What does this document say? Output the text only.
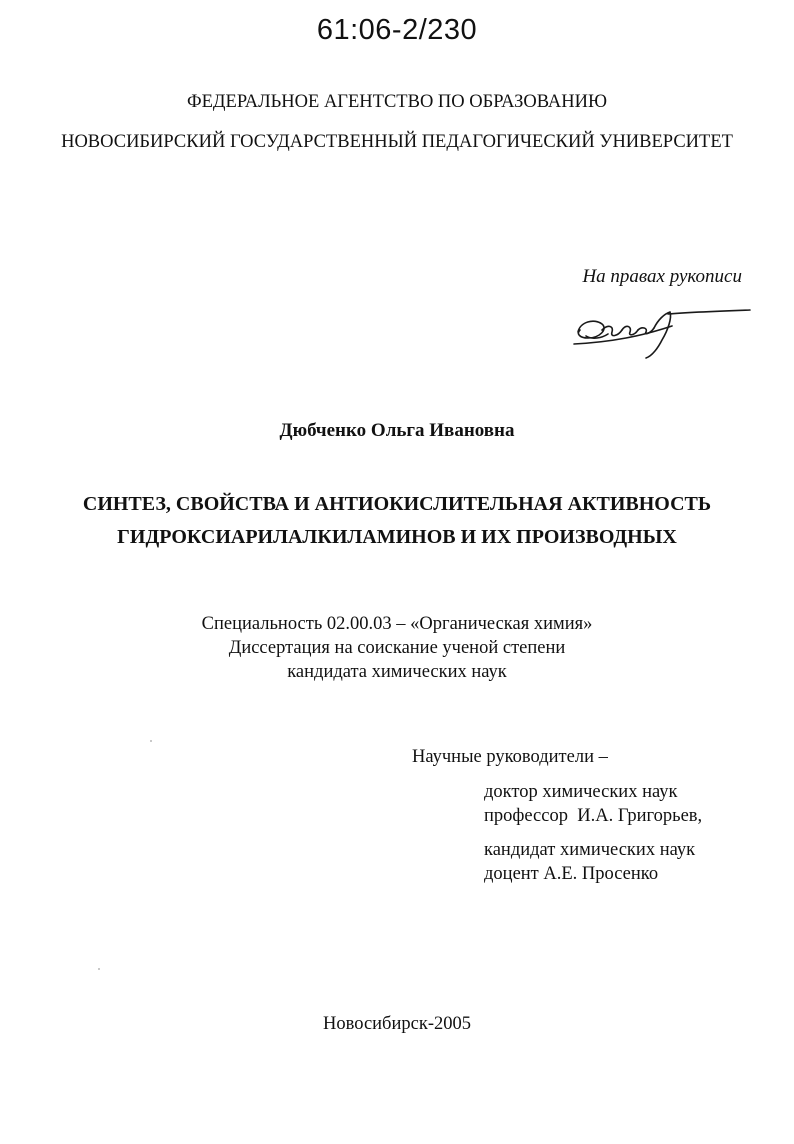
61:06-2/230
ФЕДЕРАЛЬНОЕ АГЕНТСТВО ПО ОБРАЗОВАНИЮ
НОВОСИБИРСКИЙ ГОСУДАРСТВЕННЫЙ ПЕДАГОГИЧЕСКИЙ УНИВЕРСИТЕТ
На правах рукописи
Дюбченко Ольга Ивановна
СИНТЕЗ, СВОЙСТВА И АНТИОКИСЛИТЕЛЬНАЯ АКТИВНОСТЬ
ГИДРОКСИАРИЛАЛКИЛАМИНОВ И ИХ ПРОИЗВОДНЫХ
Специальность 02.00.03 – «Органическая химия»
Диссертация на соискание ученой степени
кандидата химических наук
Научные руководители –
доктор химических наук
профессор  И.А. Григорьев,
кандидат химических наук
доцент А.Е. Просенко
Новосибирск-2005
